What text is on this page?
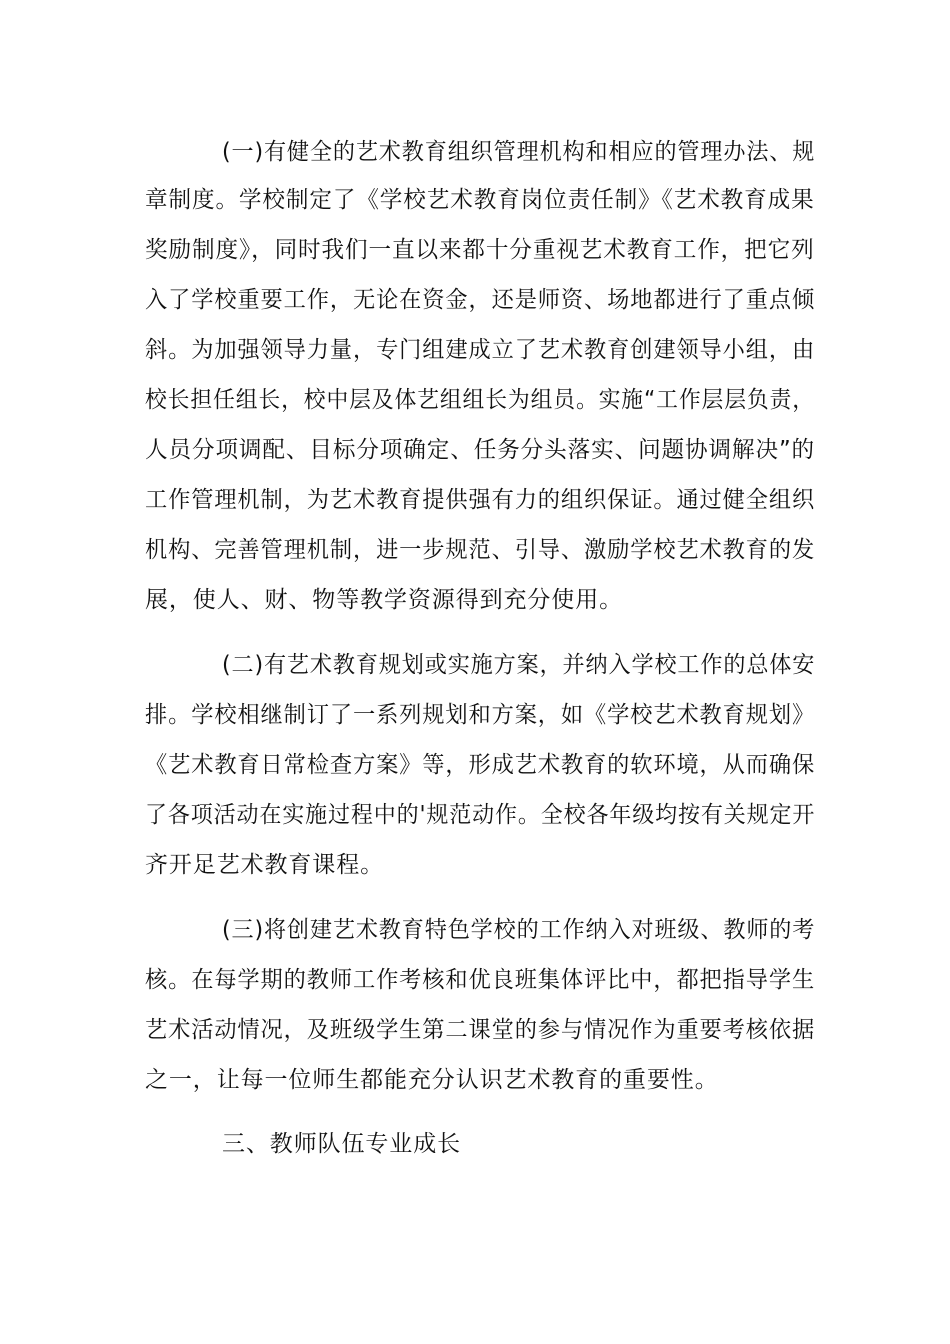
(一)有健全的艺术教育组织管理机构和相应的管理办法、规
章制度。学校制定了《学校艺术教育岗位责任制》《艺术教育成果
奖励制度》，同时我们一直以来都十分重视艺术教育工作，把它列
入了学校重要工作，无论在资金，还是师资、场地都进行了重点倾
斜。为加强领导力量，专门组建成立了艺术教育创建领导小组，由
校长担任组长，校中层及体艺组组长为组员。实施“工作层层负责，
人员分项调配、目标分项确定、任务分头落实、问题协调解决”的
工作管理机制，为艺术教育提供强有力的组织保证。通过健全组织
机构、完善管理机制，进一步规范、引导、激励学校艺术教育的发
展，使人、财、物等教学资源得到充分使用。
(二)有艺术教育规划或实施方案，并纳入学校工作的总体安
排。学校相继制订了一系列规划和方案，如《学校艺术教育规划》
《艺术教育日常检查方案》等，形成艺术教育的软环境，从而确保
了各项活动在实施过程中的'规范动作。全校各年级均按有关规定开
齐开足艺术教育课程。
(三)将创建艺术教育特色学校的工作纳入对班级、教师的考
核。在每学期的教师工作考核和优良班集体评比中，都把指导学生
艺术活动情况，及班级学生第二课堂的参与情况作为重要考核依据
之一，让每一位师生都能充分认识艺术教育的重要性。
三、教师队伍专业成长
